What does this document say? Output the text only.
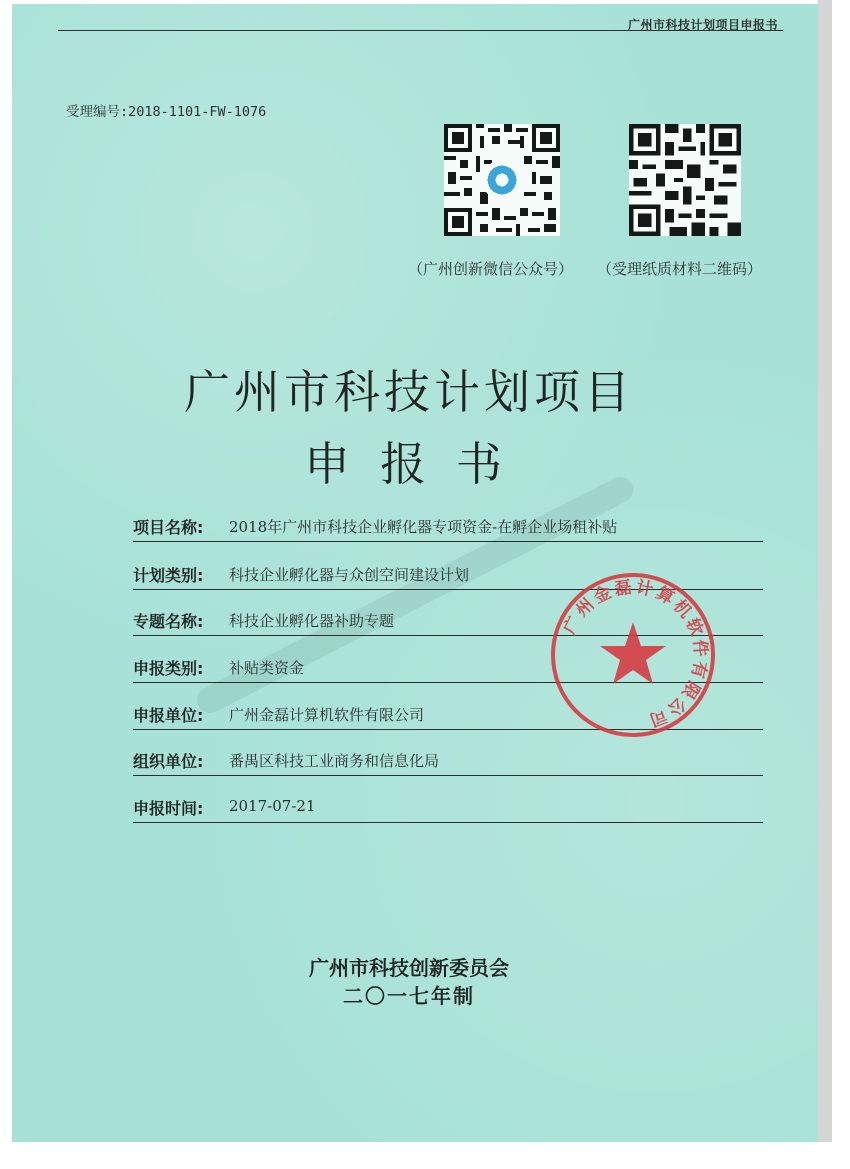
广州市科技计划项目申报书
受理编号:2018-1101-FW-1076
（广州创新微信公众号） （受理纸质材料二维码）
广州市科技计划项目
申报书
项目名称: 2018年广州市科技企业孵化器专项资金-在孵企业场租补贴
计划类别: 科技企业孵化器与众创空间建设计划
专题名称: 科技企业孵化器补助专题
申报类别: 补贴类资金
申报单位: 广州金磊计算机软件有限公司
组织单位: 番禺区科技工业商务和信息化局
申报时间: 2017-07-21
广州金磊计算机软件有限公司
广州市科技创新委员会
二〇一七年制
